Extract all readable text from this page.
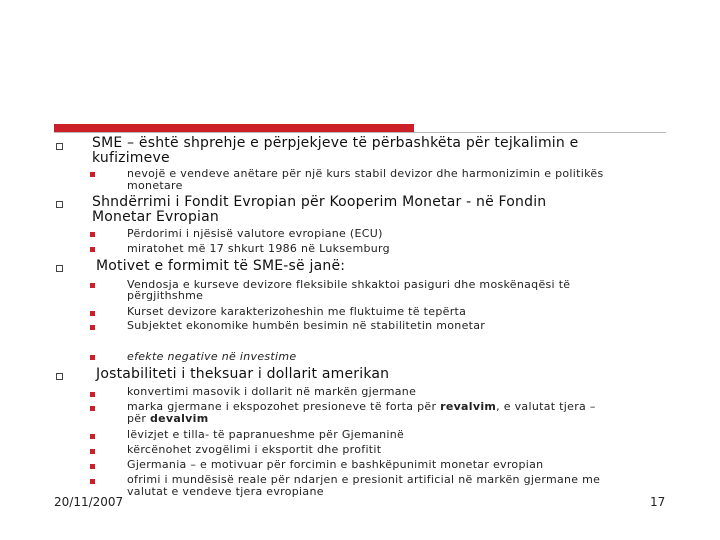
SME – është shprehje e përpjekjeve të përbashkëta për tejkalimin e
kufizimeve
nevojë e vendeve anëtare për një kurs stabil devizor dhe harmonizimin e politikës
monetare
Shndërrimi i Fondit Evropian për Kooperim Monetar - në Fondin
Monetar Evropian
Përdorimi i njësisë valutore evropiane (ECU)
miratohet më 17 shkurt 1986 në Luksemburg
Motivet e formimit të SME-së janë:
Vendosja e kurseve devizore fleksibile shkaktoi pasiguri dhe moskënaqësi të
përgjithshme
Kurset devizore karakterizoheshin me fluktuime të tepërta
Subjektet ekonomike humbën besimin në stabilitetin monetar
efekte negative në investime
Jostabiliteti i theksuar i dollarit amerikan
konvertimi masovik i dollarit në markën gjermane
marka gjermane i ekspozohet presioneve të forta për revalvim, e valutat tjera –
për devalvim
lëvizjet e tilla- të papranueshme për Gjemaninë
kërcënohet zvogëlimi i eksportit dhe profitit
Gjermania – e motivuar për forcimin e bashkëpunimit monetar evropian
ofrimi i mundësisë reale për ndarjen e presionit artificial në markën gjermane me
valutat e vendeve tjera evropiane
20/11/2007	17
